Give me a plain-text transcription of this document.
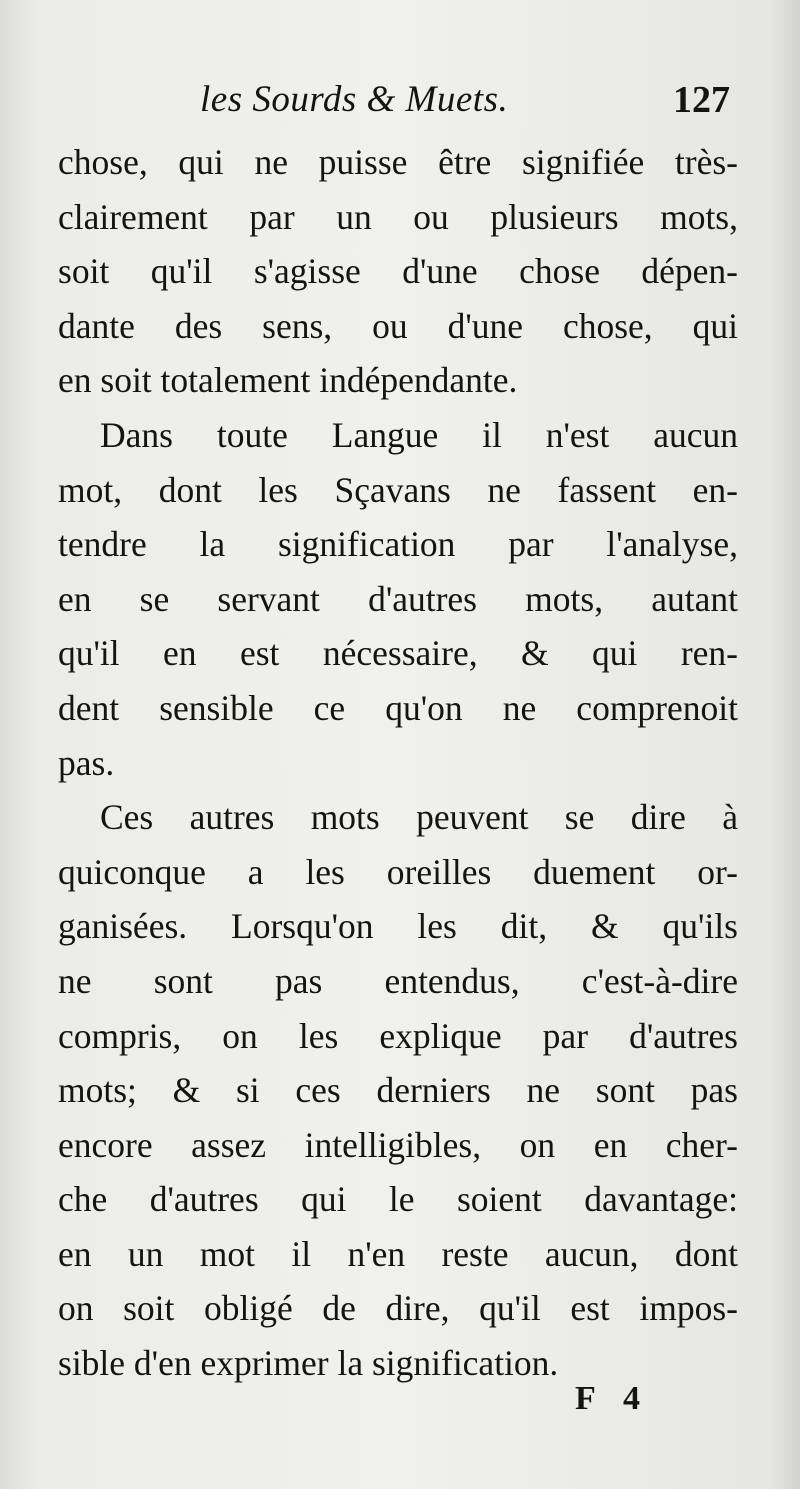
les Sourds & Muets.	127
chose, qui ne puisse être signifiée très-
clairement par un ou plusieurs mots,
soit qu'il s'agisse d'une chose dépen-
dante des sens, ou d'une chose, qui
en soit totalement indépendante.
Dans toute Langue il n'est aucun
mot, dont les Sçavans ne fassent en-
tendre la signification par l'analyse,
en se servant d'autres mots, autant
qu'il en est nécessaire, & qui ren-
dent sensible ce qu'on ne comprenoit
pas.
Ces autres mots peuvent se dire à
quiconque a les oreilles duement or-
ganisées. Lorsqu'on les dit, & qu'ils
ne sont pas entendus, c'est-à-dire
compris, on les explique par d'autres
mots; & si ces derniers ne sont pas
encore assez intelligibles, on en cher-
che d'autres qui le soient davantage:
en un mot il n'en reste aucun, dont
on soit obligé de dire, qu'il est impos-
sible d'en exprimer la signification.
F 4
